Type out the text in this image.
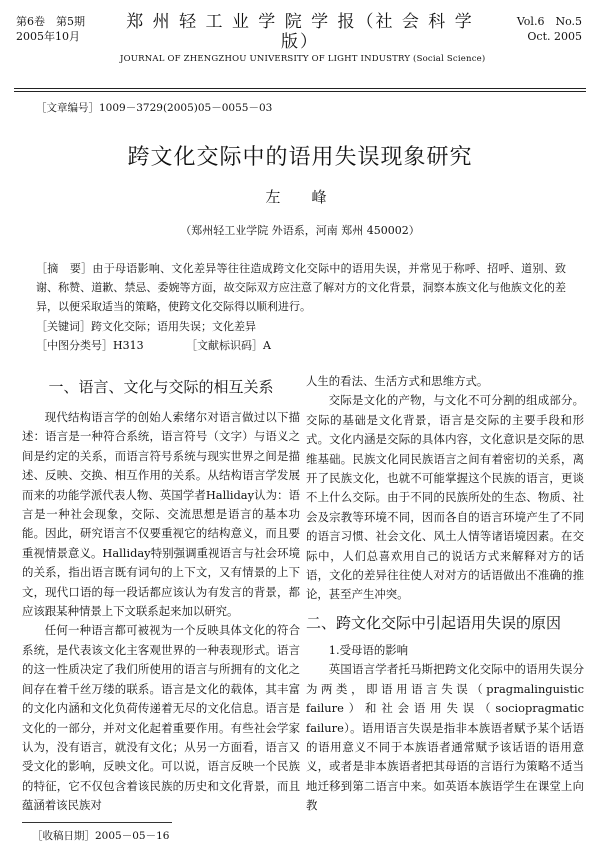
第6卷　第5期
2005年10月
郑 州 轻 工 业 学 院 学 报（社 会 科 学 版）
JOURNAL OF ZHENGZHOU UNIVERSITY OF LIGHT INDUSTRY (Social Science)
Vol.6　No.5
Oct. 2005
［文章编号］1009－3729(2005)05－0055－03
跨文化交际中的语用失误现象研究
左　峰
（郑州轻工业学院 外语系，河南 郑州 450002）
［摘　要］由于母语影响、文化差异等往往造成跨文化交际中的语用失误，并常见于称呼、招呼、道别、致谢、称赞、道歉、禁忌、委婉等方面，故交际双方应注意了解对方的文化背景，洞察本族文化与他族文化的差异，以便采取适当的策略，使跨文化交际得以顺利进行。
［关键词］跨文化交际；语用失误；文化差异
［中图分类号］H313	［文献标识码］A
一、语言、文化与交际的相互关系

现代结构语言学的创始人索绪尔对语言做过以下描述：语言是一种符合系统，语言符号（文字）与语义之间是约定的关系，而语言符号系统与现实世界之间是描述、反映、交换、相互作用的关系。从结构语言学发展而来的功能学派代表人物、英国学者Halliday认为：语言是一种社会现象，交际、交流思想是语言的基本功能。因此，研究语言不仅要重视它的结构意义，而且要重视情景意义。Halliday特别强调重视语言与社会环境的关系，指出语言既有词句的上下文，又有情景的上下文，现代口语的每一段话都应该认为有发言的背景，都应该跟某种情景上下文联系起来加以研究。

任何一种语言都可被视为一个反映具体文化的符合系统，是代表该文化主客观世界的一种表现形式。语言的这一性质决定了我们所使用的语言与所拥有的文化之间存在着千丝万缕的联系。语言是文化的载体，其丰富的文化内涵和文化负荷传递着无尽的文化信息。语言是文化的一部分，并对文化起着重要作用。有些社会学家认为，没有语言，就没有文化；从另一方面看，语言又受文化的影响，反映文化。可以说，语言反映一个民族的特征，它不仅包含着该民族的历史和文化背景，而且蕴涵着该民族对

人生的看法、生活方式和思维方式。

交际是文化的产物，与文化不可分割的组成部分。交际的基础是文化背景，语言是交际的主要手段和形式。文化内涵是交际的具体内容，文化意识是交际的思维基础。民族文化同民族语言之间有着密切的关系，离开了民族文化，也就不可能掌握这个民族的语言，更谈不上什么交际。由于不同的民族所处的生态、物质、社会及宗教等环境不同，因而各自的语言环境产生了不同的语言习惯、社会文化、风土人情等诸语境因素。在交际中，人们总喜欢用自己的说话方式来解释对方的话语，文化的差异往往使人对对方的话语做出不准确的推论，甚至产生冲突。

二、跨文化交际中引起语用失误的原因
1.受母语的影响

英国语言学者托马斯把跨文化交际中的语用失误分为两类，即语用语言失误（pragmalinguistic failure）和社会语用失误（sociopragmatic failure）。语用语言失误是指非本族语者赋予某个话语的语用意义不同于本族语者通常赋予该话语的语用意义，或者是非本族语者把其母语的言语行为策略不适当地迁移到第二语言中来。如英语本族语学生在课堂上向教

［收稿日期］2005－05－16
